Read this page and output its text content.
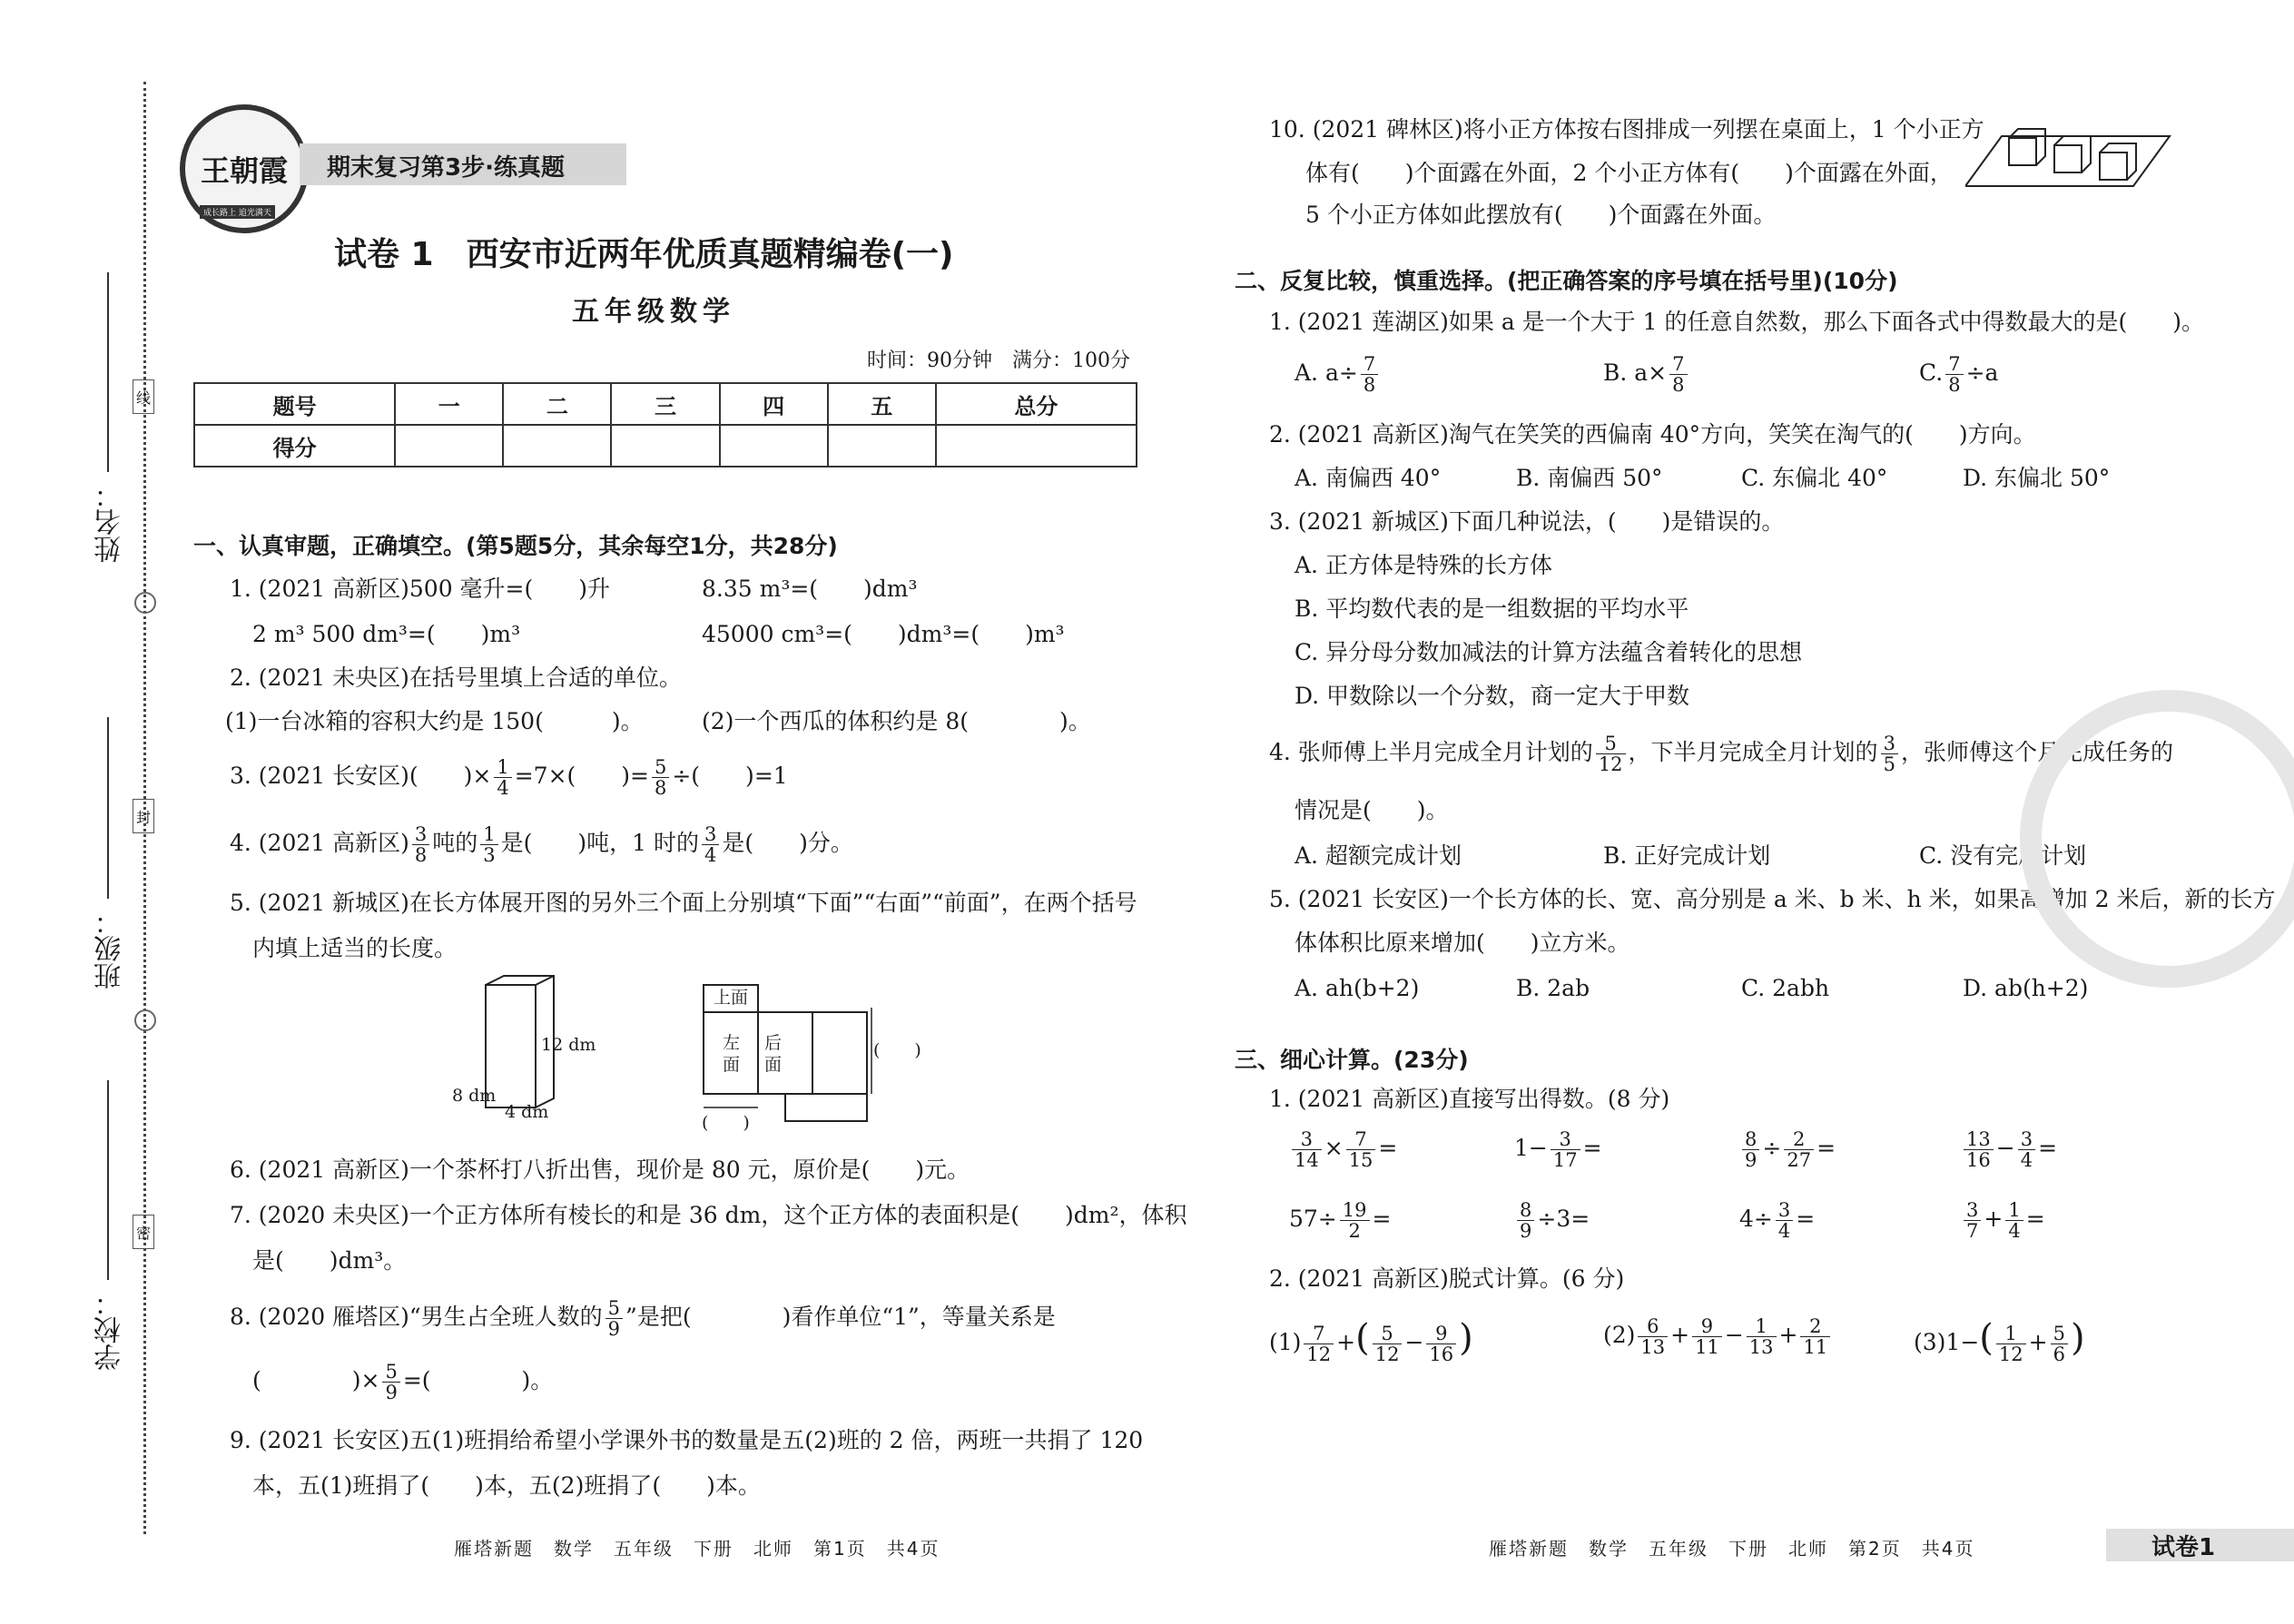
姓名：
班级：
学校：
线
封
密
王朝霞
成长路上 追光满天
期末复习第3步·练真题
试卷 1　西安市近两年优质真题精编卷(一)
五年级数学
时间：90分钟　满分：100分
题号	一	二	三	四	五	总分
得分						
一、认真审题，正确填空。(第5题5分，其余每空1分，共28分)
1. (2021 高新区)500 毫升=(　　)升	8.35 m³=(　　)dm³
2 m³ 500 dm³=(　　)m³	45000 cm³=(　　)dm³=(　　)m³
2. (2021 未央区)在括号里填上合适的单位。
(1)一台冰箱的容积大约是 150(　　　)。	(2)一个西瓜的体积约是 8(　　　　)。
3. (2021 长安区)(　　)× $\frac{1}{4} =7\times$(　　)= $\frac{5}{8}$ ÷(　　)=1
4. (2021 高新区) $\frac{3}{8}$ 吨的 $\frac{1}{3}$ 是(　　)吨，1 时的 $\frac{3}{4}$ 是(　　)分。
5. (2021 新城区)在长方体展开图的另外三个面上分别填“下面”“右面”“前面”，在两个括号
内填上适当的长度。
12 dm
8 dm
4 dm
上面
左
面
后
面
(　　)
(　　)
6. (2021 高新区)一个茶杯打八折出售，现价是 80 元，原价是(　　)元。
7. (2020 未央区)一个正方体所有棱长的和是 36 dm，这个正方体的表面积是(　　)dm²，体积
是(　　)dm³。
8. (2020 雁塔区)“男生占全班人数的 $\frac{5}{9}$ ”是把(　　　　)看作单位“1”，等量关系是
(　　　　)× $\frac{5}{9}$ =(　　　　)。
9. (2021 长安区)五(1)班捐给希望小学课外书的数量是五(2)班的 2 倍，两班一共捐了 120
本，五(1)班捐了(　　)本，五(2)班捐了(　　)本。
雁塔新题　数学　五年级　下册　北师　第1页　共4页
10. (2021 碑林区)将小正方体按右图排成一列摆在桌面上，1 个小正方
体有(　　)个面露在外面，2 个小正方体有(　　)个面露在外面，
5 个小正方体如此摆放有(　　)个面露在外面。
二、反复比较，慎重选择。(把正确答案的序号填在括号里)(10分)
1. (2021 莲湖区)如果 a 是一个大于 1 的任意自然数，那么下面各式中得数最大的是(　　)。
A. $a\div \frac{7}{8}$	B. $a\times \frac{7}{8}$	C. $\frac{7}{8} \div a$
2. (2021 高新区)淘气在笑笑的西偏南 40°方向，笑笑在淘气的(　　)方向。
A. 南偏西 40°	B. 南偏西 50°	C. 东偏北 40°	D. 东偏北 50°
3. (2021 新城区)下面几种说法，(　　)是错误的。
A. 正方体是特殊的长方体
B. 平均数代表的是一组数据的平均水平
C. 异分母分数加减法的计算方法蕴含着转化的思想
D. 甲数除以一个分数，商一定大于甲数
4. 张师傅上半月完成全月计划的 $\frac{5}{12}$ ，下半月完成全月计划的 $\frac{3}{5}$ ，张师傅这个月完成任务的
情况是(　　)。
A. 超额完成计划	B. 正好完成计划	C. 没有完成计划
5. (2021 长安区)一个长方体的长、宽、高分别是 a 米、b 米、h 米，如果高增加 2 米后，新的长方
体体积比原来增加(　　)立方米。
A. ah(b+2)	B. 2ab	C. 2abh	D. ab(h+2)
三、细心计算。(23分)
1. (2021 高新区)直接写出得数。(8 分)
$\frac{3}{14} \times \frac{7}{15}$ =	$1- \frac{3}{17}$ =	$\frac{8}{9} \div \frac{2}{27}$ =	$\frac{13}{16} - \frac{3}{4}$ =
$57\div \frac{19}{2}$ =	$\frac{8}{9} \div 3=$	$4\div \frac{3}{4}$ =	$\frac{3}{7} + \frac{1}{4}$ =
2. (2021 高新区)脱式计算。(6 分)
$(1) \frac{7}{12}$ +( $\frac{5}{12} - \frac{9}{16}$ )	$(2) \frac{6}{13} + \frac{9}{11} - \frac{1}{13} + \frac{2}{11}$	$(3)1-( \frac{1}{12} + \frac{5}{6}$ )
雁塔新题　数学　五年级　下册　北师　第2页　共4页	试卷1
